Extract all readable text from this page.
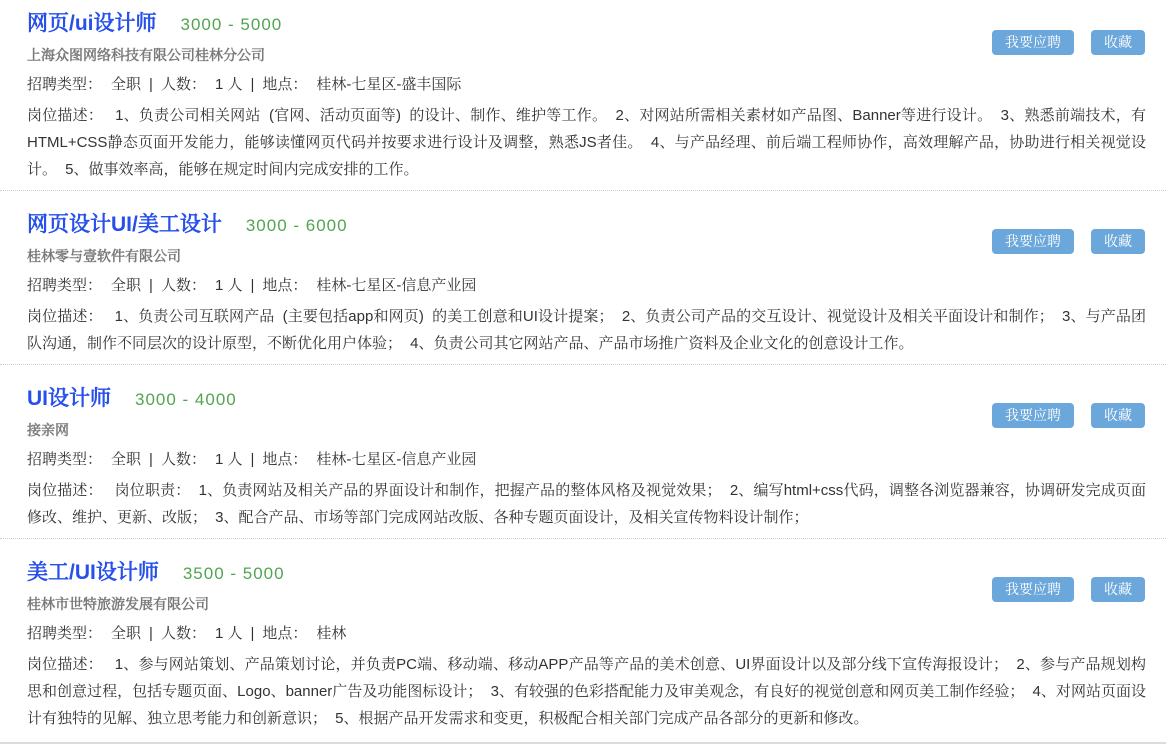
网页/ui设计师 3000 - 5000
上海众图网络科技有限公司桂林分公司
招聘类型： 全职 | 人数： 1 人 | 地点： 桂林-七星区-盛丰国际
岗位描述： 1、负责公司相关网站 (官网、活动页面等) 的设计、制作、维护等工作。 2、对网站所需相关素材如产品图、Banner等进行设计。 3、熟悉前端技术，有HTML+CSS静态页面开发能力，能够读懂网页代码并按要求进行设计及调整，熟悉JS者佳。 4、与产品经理、前后端工程师协作，高效理解产品，协助进行相关视觉设计。 5、做事效率高，能够在规定时间内完成安排的工作。
我要应聘	收藏
网页设计UI/美工设计 3000 - 6000
桂林零与壹软件有限公司
招聘类型： 全职 | 人数： 1 人 | 地点： 桂林-七星区-信息产业园
岗位描述： 1、负责公司互联网产品 (主要包括app和网页) 的美工创意和UI设计提案； 2、负责公司产品的交互设计、视觉设计及相关平面设计和制作； 3、与产品团队沟通，制作不同层次的设计原型，不断优化用户体验； 4、负责公司其它网站产品、产品市场推广资料及企业文化的创意设计工作。
我要应聘	收藏
UI设计师 3000 - 4000
接亲网
招聘类型： 全职 | 人数： 1 人 | 地点： 桂林-七星区-信息产业园
岗位描述： 岗位职责： 1、负责网站及相关产品的界面设计和制作，把握产品的整体风格及视觉效果； 2、编写html+css代码，调整各浏览器兼容，协调研发完成页面修改、维护、更新、改版； 3、配合产品、市场等部门完成网站改版、各种专题页面设计，及相关宣传物料设计制作；
我要应聘	收藏
美工/UI设计师 3500 - 5000
桂林市世特旅游发展有限公司
招聘类型： 全职 | 人数： 1 人 | 地点： 桂林
岗位描述： 1、参与网站策划、产品策划讨论，并负责PC端、移动端、移动APP产品等产品的美术创意、UI界面设计以及部分线下宣传海报设计； 2、参与产品规划构思和创意过程，包括专题页面、Logo、banner广告及功能图标设计； 3、有较强的色彩搭配能力及审美观念，有良好的视觉创意和网页美工制作经验； 4、对网站页面设计有独特的见解、独立思考能力和创新意识； 5、根据产品开发需求和变更，积极配合相关部门完成产品各部分的更新和修改。
我要应聘	收藏
